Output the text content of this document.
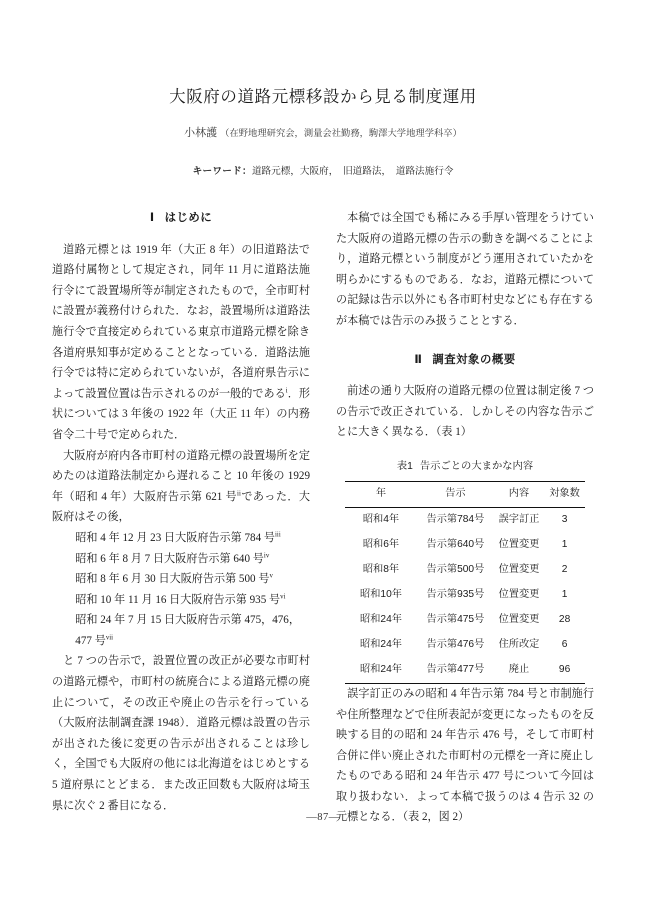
大阪府の道路元標移設から見る制度運用
小林護 （在野地理研究会，測量会社勤務，駒澤大学地理学科卒）
キーワード：道路元標，大阪府，　旧道路法，　道路法施行令
Ⅰ はじめに

道路元標とは 1919 年（大正 8 年）の旧道路法で道路付属物として規定され，同年 11 月に道路法施行令にて設置場所等が制定されたもので，全市町村に設置が義務付けられた．なお，設置場所は道路法施行令で直接定められている東京市道路元標を除き各道府県知事が定めることとなっている．道路法施行令では特に定められていないが，各道府県告示によって設置位置は告示されるのが一般的である$^i$．形状については 3 年後の 1922 年（大正 11 年）の内務省令二十号で定められた．

大阪府が府内各市町村の道路元標の設置場所を定めたのは道路法制定から遅れること 10 年後の 1929 年（昭和 4 年）大阪府告示第 621 号$^{ii}$であった．大阪府はその後，

昭和 4 年 12 月 23 日大阪府告示第 784 号$^{iii}$
昭和 6 年 8 月 7 日大阪府告示第 640 号$^{iv}$
昭和 8 年 6 月 30 日大阪府告示第 500 号$^v$
昭和 10 年 11 月 16 日大阪府告示第 935 号$^{vi}$
昭和 24 年 7 月 15 日大阪府告示第 475，476，
477 号$^{vii}$

と 7 つの告示で，設置位置の改正が必要な市町村の道路元標や，市町村の統廃合による道路元標の廃止について，その改正や廃止の告示を行っている（大阪府法制調査課 1948）．道路元標は設置の告示が出された後に変更の告示が出されることは珍しく，全国でも大阪府の他には北海道をはじめとする 5 道府県にとどまる．また改正回数も大阪府は埼玉県に次ぐ 2 番目になる．

本稿では全国でも稀にみる手厚い管理をうけていた大阪府の道路元標の告示の動きを調べることにより，道路元標という制度がどう運用されていたかを明らかにするものである．なお，道路元標についての記録は告示以外にも各市町村史などにも存在するが本稿では告示のみ扱うこととする．

Ⅱ 調査対象の概要

前述の通り大阪府の道路元標の位置は制定後 7 つの告示で改正されている．しかしその内容な告示ごとに大きく異なる．（表 1）

表1 告示ごとの大まかな内容
年	告示	内容	対象数
昭和4年	告示第784号	誤字訂正	3
昭和6年	告示第640号	位置変更	1
昭和8年	告示第500号	位置変更	2
昭和10年	告示第935号	位置変更	1
昭和24年	告示第475号	位置変更	28
昭和24年	告示第476号	住所改定	6
昭和24年	告示第477号	廃止	96

誤字訂正のみの昭和 4 年告示第 784 号と市制施行や住所整理などで住所表記が変更になったものを反映する目的の昭和 24 年告示 476 号，そして市町村合併に伴い廃止された市町村の元標を一斉に廃止したものである昭和 24 年告示 477 号について今回は取り扱わない．よって本稿で扱うのは 4 告示 32 の元標となる．（表 2，図 2）

—87—
